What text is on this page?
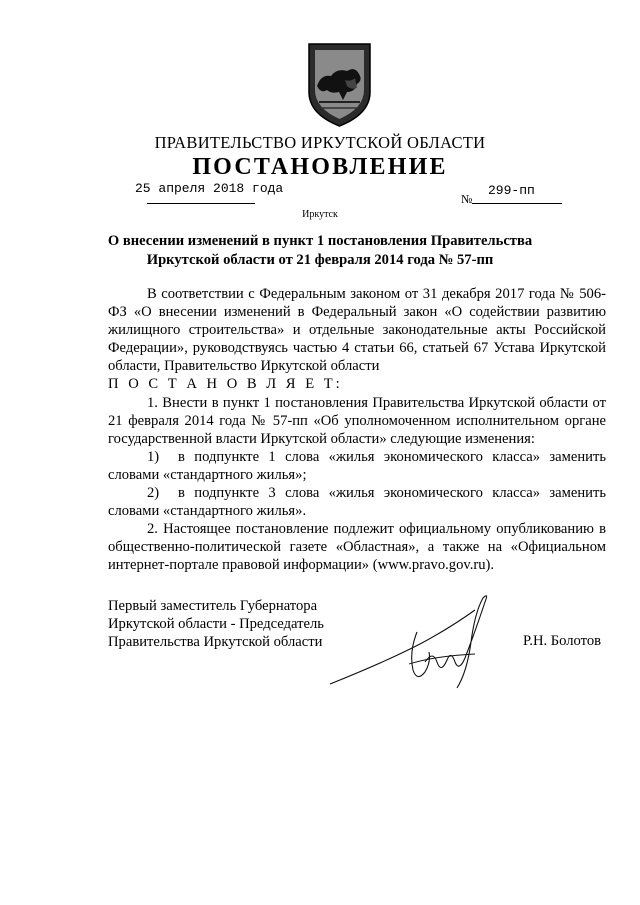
ПРАВИТЕЛЬСТВО ИРКУТСКОЙ ОБЛАСТИ
ПОСТАНОВЛЕНИЕ
25 апреля 2018 года
№
299-пп
Иркутск
О внесении изменений в пункт 1 постановления Правительства
Иркутской области от 21 февраля 2014 года № 57-пп

В соответствии с Федеральным законом от 31 декабря 2017 года № 506-ФЗ «О внесении изменений в Федеральный закон «О содействии развитию жилищного строительства» и отдельные законодательные акты Российской Федерации», руководствуясь частью 4 статьи 66, статьей 67 Устава Иркутской области, Правительство Иркутской области

П О С Т А Н О В Л Я Е Т:

1. Внести в пункт 1 постановления Правительства Иркутской области от 21 февраля 2014 года № 57-пп «Об уполномоченном исполнительном органе государственной власти Иркутской области» следующие изменения:

1) в подпункте 1 слова «жилья экономического класса» заменить словами «стандартного жилья»;

2) в подпункте 3 слова «жилья экономического класса» заменить словами «стандартного жилья».

2. Настоящее постановление подлежит официальному опубликованию в общественно-политической газете «Областная», а также на «Официальном интернет-портале правовой информации» (www.pravo.gov.ru).

Первый заместитель Губернатора

Иркутской области - Председатель

Правительства Иркутской области	Р.Н. Болотов
